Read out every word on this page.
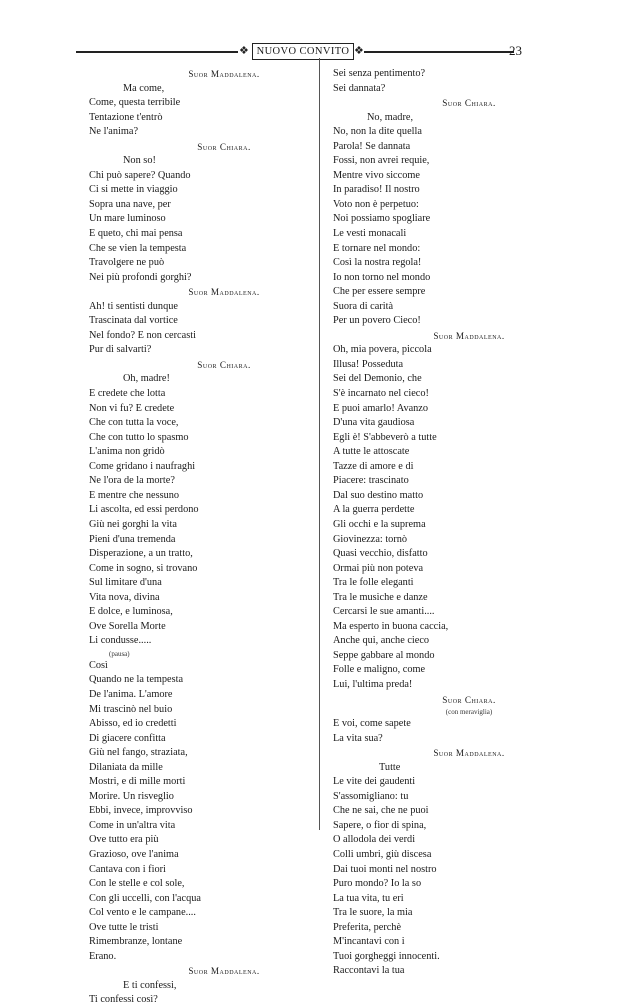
❖ NUOVO CONVITO ❖	23
Suor Maddalena.
Ma come,
Come, questa terribile
Tentazione t'entrò
Ne l'anima?
Suor Chiara.
Non so!
Chi può sapere? Quando
Ci si mette in viaggio
Sopra una nave, per
Un mare luminoso
E queto, chi mai pensa
Che se vien la tempesta
Travolgere ne può
Nei più profondi gorghi?
Suor Maddalena.
Ah! ti sentisti dunque
Trascinata dal vortice
Nel fondo? E non cercasti
Pur di salvarti?
Suor Chiara.
Oh, madre!
E credete che lotta
Non vi fu? E credete
Che con tutta la voce,
Che con tutto lo spasmo
L'anima non gridò
Come gridano i naufraghi
Ne l'ora de la morte?
E mentre che nessuno
Li ascolta, ed essi perdono
Giù nei gorghi la vita
Pieni d'una tremenda
Disperazione, a un tratto,
Come in sogno, si trovano
Sul limitare d'una
Vita nova, divina
E dolce, e luminosa,
Ove Sorella Morte
Li condusse.....
(pausa)
Così
Quando ne la tempesta
De l'anima. L'amore
Mi trascinò nel buio
Abisso, ed io credetti
Di giacere confitta
Giù nel fango, straziata,
Dilaniata da mille
Mostri, e di mille morti
Morire. Un risveglio
Ebbi, invece, improvviso
Come in un'altra vita
Ove tutto era più
Grazioso, ove l'anima
Cantava con i fiori
Con le stelle e col sole,
Con gli uccelli, con l'acqua
Col vento e le campane....
Ove tutte le tristi
Rimembranze, lontane
Erano.
Suor Maddalena.
E ti confessi,
Ti confessi così?
Sei senza pentimento?
Sei dannata?
Suor Chiara.
No, madre,
No, non la dite quella
Parola! Se dannata
Fossi, non avrei requie,
Mentre vivo siccome
In paradiso! Il nostro
Voto non è perpetuo:
Noi possiamo spogliare
Le vesti monacali
E tornare nel mondo:
Così la nostra regola!
Io non torno nel mondo
Che per essere sempre
Suora di carità
Per un povero Cieco!
Suor Maddalena.
Oh, mia povera, piccola
Illusa! Posseduta
Sei del Demonio, che
S'è incarnato nel cieco!
E puoi amarlo! Avanzo
D'una vita gaudiosa
Egli è! S'abbeverò a tutte
A tutte le attoscate
Tazze di amore e di
Piacere: trascinato
Dal suo destino matto
A la guerra perdette
Gli occhi e la suprema
Giovinezza: tornò
Quasi vecchio, disfatto
Ormai più non poteva
Tra le folle eleganti
Tra le musiche e danze
Cercarsi le sue amanti....
Ma esperto in buona caccia,
Anche qui, anche cieco
Seppe gabbare al mondo
Folle e maligno, come
Lui, l'ultima preda!
Suor Chiara.
(con meraviglia)
E voi, come sapete
La vita sua?
Suor Maddalena.
Tutte
Le vite dei gaudenti
S'assomigliano: tu
Che ne sai, che ne puoi
Sapere, o fior di spina,
O allodola dei verdi
Colli umbri, giù discesa
Dai tuoi monti nel nostro
Puro mondo? Io la so
La tua vita, tu eri
Tra le suore, la mia
Preferita, perchè
M'incantavi con i
Tuoi gorgheggi innocenti.
Raccontavi la tua
